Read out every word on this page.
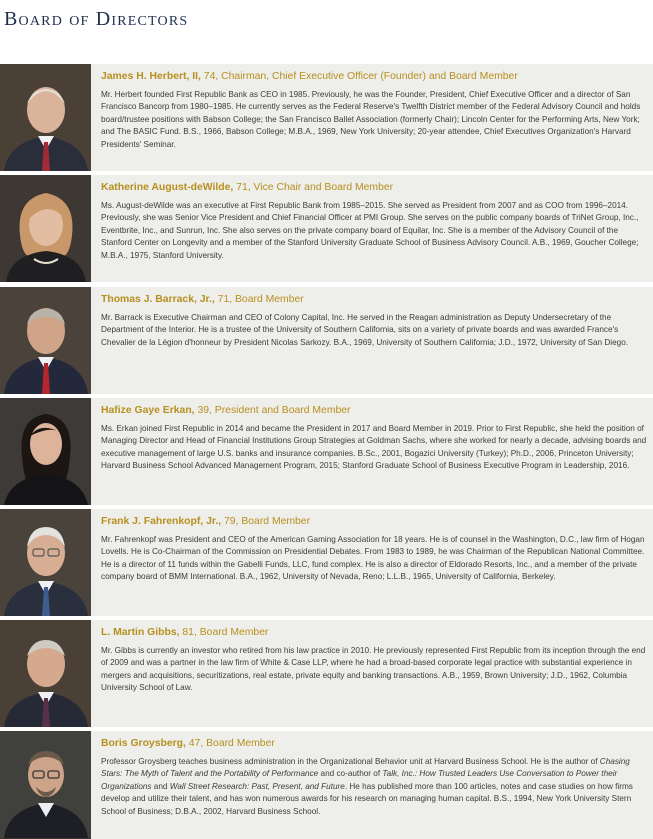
Board of Directors

James H. Herbert, II, 74, Chairman, Chief Executive Officer (Founder) and Board Member

Mr. Herbert founded First Republic Bank as CEO in 1985. Previously, he was the Founder, President, Chief Executive Officer and a director of San Francisco Bancorp from 1980–1985. He currently serves as the Federal Reserve's Twelfth District member of the Federal Advisory Council and holds board/trustee positions with Babson College; the San Francisco Ballet Association (formerly Chair); Lincoln Center for the Performing Arts, New York; and The BASIC Fund. B.S., 1966, Babson College; M.B.A., 1969, New York University; 20-year attendee, Chief Executives Organization's Harvard Presidents' Seminar.

Katherine August-deWilde, 71, Vice Chair and Board Member

Ms. August-deWilde was an executive at First Republic Bank from 1985–2015. She served as President from 2007 and as COO from 1996–2014. Previously, she was Senior Vice President and Chief Financial Officer at PMI Group. She serves on the public company boards of TriNet Group, Inc., Eventbrite, Inc., and Sunrun, Inc. She also serves on the private company board of Equilar, Inc. She is a member of the Advisory Council of the Stanford Center on Longevity and a member of the Stanford University Graduate School of Business Advisory Council. A.B., 1969, Goucher College; M.B.A., 1975, Stanford University.

Thomas J. Barrack, Jr., 71, Board Member

Mr. Barrack is Executive Chairman and CEO of Colony Capital, Inc. He served in the Reagan administration as Deputy Undersecretary of the Department of the Interior. He is a trustee of the University of Southern California, sits on a variety of private boards and was awarded France's Chevalier de la Légion d'honneur by President Nicolas Sarkozy. B.A., 1969, University of Southern California; J.D., 1972, University of San Diego.

Hafize Gaye Erkan, 39, President and Board Member

Ms. Erkan joined First Republic in 2014 and became the President in 2017 and Board Member in 2019. Prior to First Republic, she held the position of Managing Director and Head of Financial Institutions Group Strategies at Goldman Sachs, where she worked for nearly a decade, advising boards and executive management of large U.S. banks and insurance companies. B.Sc., 2001, Bogazici University (Turkey); Ph.D., 2006, Princeton University; Harvard Business School Advanced Management Program, 2015; Stanford Graduate School of Business Executive Program in Leadership, 2016.

Frank J. Fahrenkopf, Jr., 79, Board Member

Mr. Fahrenkopf was President and CEO of the American Gaming Association for 18 years. He is of counsel in the Washington, D.C., law firm of Hogan Lovells. He is Co-Chairman of the Commission on Presidential Debates. From 1983 to 1989, he was Chairman of the Republican National Committee. He is a director of 11 funds within the Gabelli Funds, LLC, fund complex. He is also a director of Eldorado Resorts, Inc., and a member of the private company board of BMM International. B.A., 1962, University of Nevada, Reno; L.L.B., 1965, University of California, Berkeley.

L. Martin Gibbs, 81, Board Member

Mr. Gibbs is currently an investor who retired from his law practice in 2010. He previously represented First Republic from its inception through the end of 2009 and was a partner in the law firm of White & Case LLP, where he had a broad-based corporate legal practice with substantial experience in mergers and acquisitions, securitizations, real estate, private equity and banking transactions. A.B., 1959, Brown University; J.D., 1962, Columbia University School of Law.

Boris Groysberg, 47, Board Member

Professor Groysberg teaches business administration in the Organizational Behavior unit at Harvard Business School. He is the author of Chasing Stars: The Myth of Talent and the Portability of Performance and co-author of Talk, Inc.: How Trusted Leaders Use Conversation to Power their Organizations and Wall Street Research: Past, Present, and Future. He has published more than 100 articles, notes and case studies on how firms develop and utilize their talent, and has won numerous awards for his research on managing human capital. B.S., 1994, New York University Stern School of Business; D.B.A., 2002, Harvard Business School.
